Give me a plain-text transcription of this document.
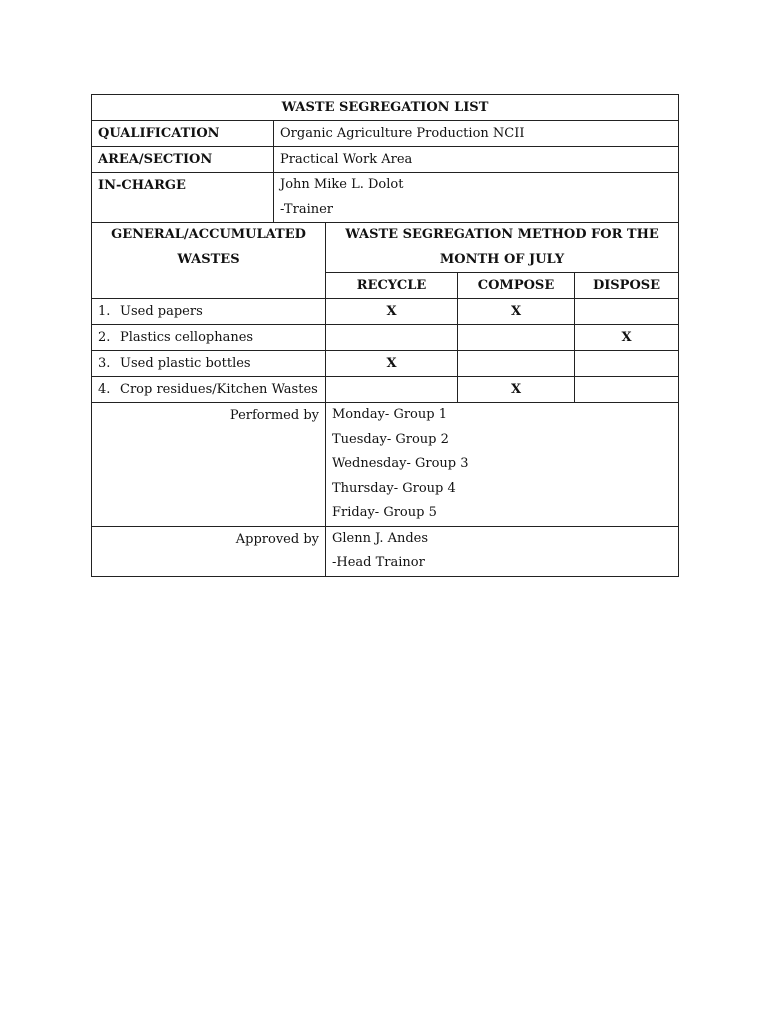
WASTE SEGREGATION LIST				
QUALIFICATION	Organic Agriculture Production NCII			
AREA/SECTION	Practical Work Area			
IN-CHARGE	John Mike L. Dolot
-Trainer			

GENERAL/ACCUMULATED
WASTES		WASTE SEGREGATION METHOD FOR THE
MONTH OF JULY		

		RECYCLE	COMPOSE	DISPOSE
1. Used papers		X	X	
2. Plastics cellophanes				X
3. Used plastic bottles		X		
4. Crop residues/Kitchen Wastes			X	
Performed by		Monday- Group 1
Tuesday- Group 2
Wednesday- Group 3
Thursday- Group 4
Friday- Group 5		

Approved by		Glenn J. Andes
-Head Trainor		
